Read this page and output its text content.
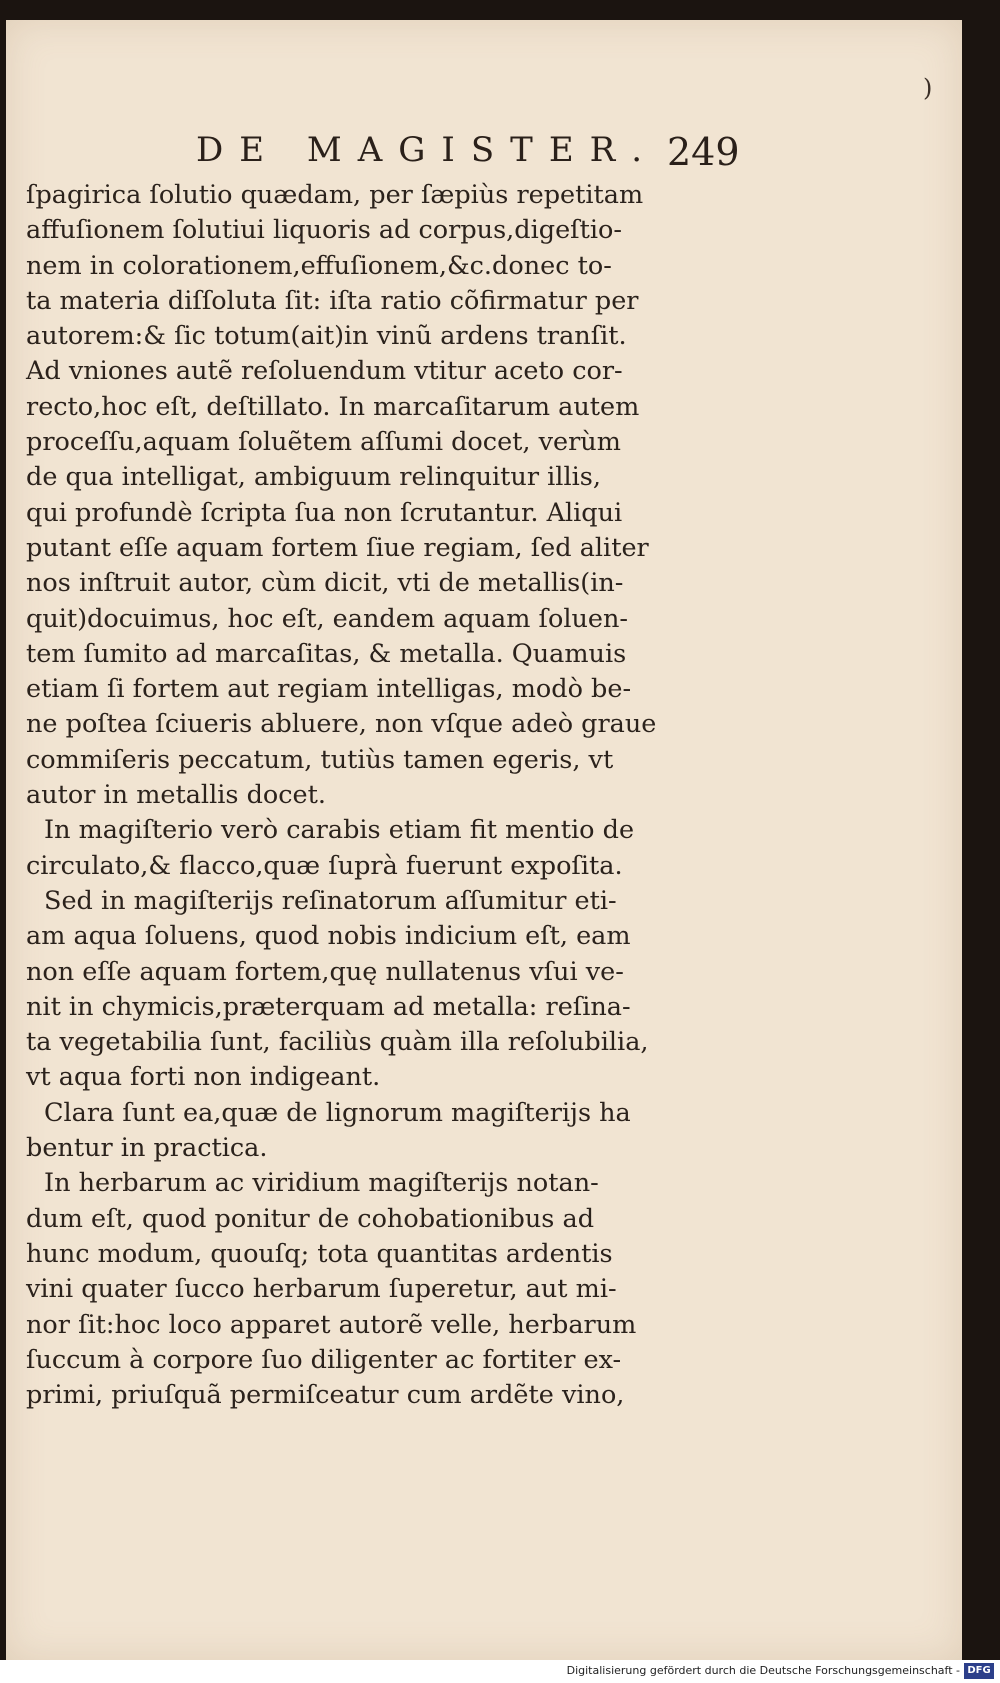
)
DE MAGISTER. 249
ſpagirica ſolutio quædam, per ſæpiùs repetitam
affuſionem ſolutiui liquoris ad corpus,digeſtio-
nem in colorationem,effuſionem,&c.donec to-
ta materia diſſoluta ſit: iſta ratio cõfirmatur per
autorem:& ſic totum(ait)in vinũ ardens tranſit.
Ad vniones autẽ reſoluendum vtitur aceto cor-
recto,hoc eſt, deſtillato. In marcaſitarum autem
proceſſu,aquam ſoluẽtem aſſumi docet, verùm
de qua intelligat, ambiguum relinquitur illis,
qui profundè ſcripta ſua non ſcrutantur. Aliqui
putant eſſe aquam fortem ſiue regiam, ſed aliter
nos inſtruit autor, cùm dicit, vti de metallis(in-
quit)docuimus, hoc eſt, eandem aquam ſoluen-
tem ſumito ad marcaſitas, & metalla. Quamuis
etiam ſi fortem aut regiam intelligas, modò be-
ne poſtea ſciueris abluere, non vſque adeò graue
commiſeris peccatum, tutiùs tamen egeris, vt
autor in metallis docet.
In magiſterio verò carabis etiam fit mentio de
circulato,& flacco,quæ ſuprà fuerunt expoſita.
Sed in magiſterijs reſinatorum aſſumitur eti-
am aqua ſoluens, quod nobis indicium eſt, eam
non eſſe aquam fortem,quę nullatenus vſui ve-
nit in chymicis,præterquam ad metalla: reſina-
ta vegetabilia ſunt, faciliùs quàm illa reſolubilia,
vt aqua forti non indigeant.
Clara ſunt ea,quæ de lignorum magiſterijs ha
bentur in practica.
In herbarum ac viridium magiſterijs notan-
dum eſt, quod ponitur de cohobationibus ad
hunc modum, quouſq; tota quantitas ardentis
vini quater ſucco herbarum ſuperetur, aut mi-
nor ſit:hoc loco apparet autorẽ velle, herbarum
ſuccum à corpore ſuo diligenter ac fortiter ex-
primi, priuſquã permiſceatur cum ardẽte vino,
Digitalisierung gefördert durch die Deutsche Forschungsgemeinschaft - DFG
